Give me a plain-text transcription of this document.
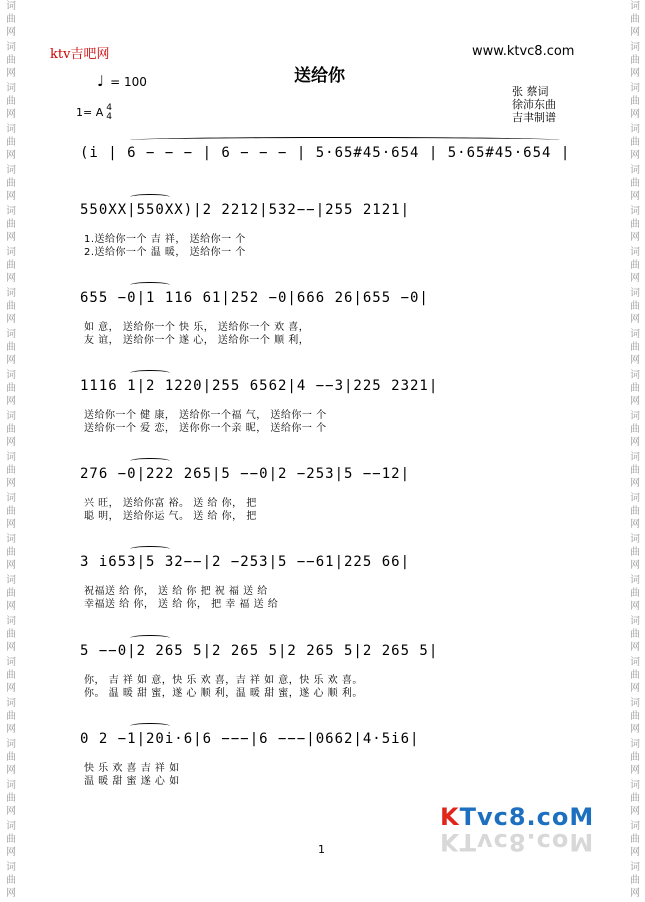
词
曲
网
词
曲
网
词
曲
网
词
曲
网
词
曲
网
词
曲
网
词
曲
网
词
曲
网
词
曲
网
词
曲
网
词
曲
网
词
曲
网
词
曲
网
词
曲
网
词
曲
网
词
曲
网
词
曲
网
词
曲
网
词
曲
网
词
曲
网
词
曲
网
词
曲
网
词
曲
网
词
曲
网
词
曲
网
词
曲
网
词
曲
网
词
曲
网
词
曲
网
词
曲
网
词
曲
网
词
曲
网
词
曲
网
词
曲
网
词
曲
网
词
曲
网
词
曲
网
词
曲
网
词
曲
网
词
曲
网
词
曲
网
词
曲
网
词
曲
网
词
曲
网
ktv吉吧网	www.ktvc8.com
送给你
♩ = 100
1= A 4
4
张 蔡词
徐沛东曲
吉聿制谱
(i | 6 − − − | 6 − − − | 5·65#45·654 | 5·65#45·654 |
550XX|550XX)|2 2212|532−−|255 2121|
1.送给你一个 吉 祥， 送给你一 个
2.送给你一个 温 暖， 送给你一 个
655 −0|1 116 61|252 −0|666 26|655 −0|
如 意， 送给你一个 快 乐， 送给你一个 欢 喜，
友 谊， 送给你一个 遂 心， 送给你一个 顺 利，
1116 1|2 1220|255 6562|4 −−3|225 2321|
送给你一个 健 康， 送给你一个福 气， 送给你一 个
送给你一个 爱 恋， 送你你一个亲 昵， 送给你一 个
276 −0|222 265|5 −−0|2 −253|5 −−12|
兴 旺， 送给你富 裕。 送 给 你， 把
聪 明， 送给你运 气。 送 给 你， 把
3 i653|5 32−−|2 −253|5 −−61|225 66|
祝福送 给 你， 送 给 你 把 祝 福 送 给
幸福送 给 你， 送 给 你， 把 幸 福 送 给
5 −−0|2 265 5|2 265 5|2 265 5|2 265 5|
你， 吉 祥 如 意，快 乐 欢 喜，吉 祥 如 意，快 乐 欢 喜。
你。 温 暖 甜 蜜，遂 心 顺 利，温 暖 甜 蜜，遂 心 顺 利。
0 2 −1|20i·6|6 −−−|6 −−−|0662|4·5i6|
快 乐 欢 喜 吉 祥 如
温 暖 甜 蜜 遂 心 如
1
KTvc8.coM
KTvc8.coM
